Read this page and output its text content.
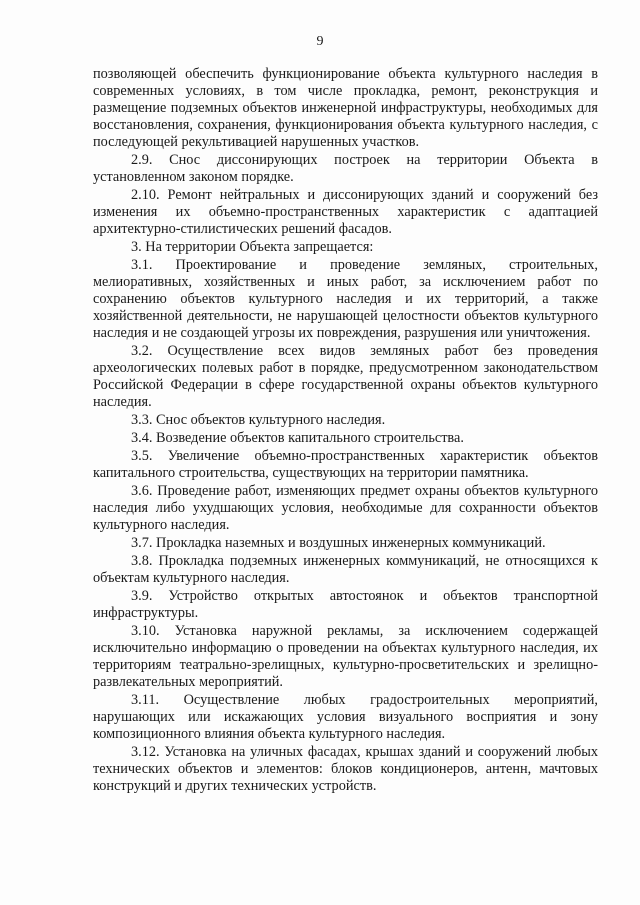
9

позволяющей обеспечить функционирование объекта культурного наследия в современных условиях, в том числе прокладка, ремонт, реконструкция и размещение подземных объектов инженерной инфраструктуры, необходимых для восстановления, сохранения, функционирования объекта культурного наследия, с последующей рекультивацией нарушенных участков.

2.9. Снос диссонирующих построек на территории Объекта в установленном законом порядке.

2.10. Ремонт нейтральных и диссонирующих зданий и сооружений без изменения их объемно-пространственных характеристик с адаптацией архитектурно-стилистических решений фасадов.

3. На территории Объекта запрещается:

3.1. Проектирование и проведение земляных, строительных, мелиоративных, хозяйственных и иных работ, за исключением работ по сохранению объектов культурного наследия и их территорий, а также хозяйственной деятельности, не нарушающей целостности объектов культурного наследия и не создающей угрозы их повреждения, разрушения или уничтожения.

3.2. Осуществление всех видов земляных работ без проведения археологических полевых работ в порядке, предусмотренном законодательством Российской Федерации в сфере государственной охраны объектов культурного наследия.

3.3. Снос объектов культурного наследия.

3.4. Возведение объектов капитального строительства.

3.5. Увеличение объемно-пространственных характеристик объектов капитального строительства, существующих на территории памятника.

3.6. Проведение работ, изменяющих предмет охраны объектов культурного наследия либо ухудшающих условия, необходимые для сохранности объектов культурного наследия.

3.7. Прокладка наземных и воздушных инженерных коммуникаций.

3.8. Прокладка подземных инженерных коммуникаций, не относящихся к объектам культурного наследия.

3.9. Устройство открытых автостоянок и объектов транспортной инфраструктуры.

3.10. Установка наружной рекламы, за исключением содержащей исключительно информацию о проведении на объектах культурного наследия, их территориям театрально-зрелищных, культурно-просветительских и зрелищно-развлекательных мероприятий.

3.11. Осуществление любых градостроительных мероприятий, нарушающих или искажающих условия визуального восприятия и зону композиционного влияния объекта культурного наследия.

3.12. Установка на уличных фасадах, крышах зданий и сооружений любых технических объектов и элементов: блоков кондиционеров, антенн, мачтовых конструкций и других технических устройств.
